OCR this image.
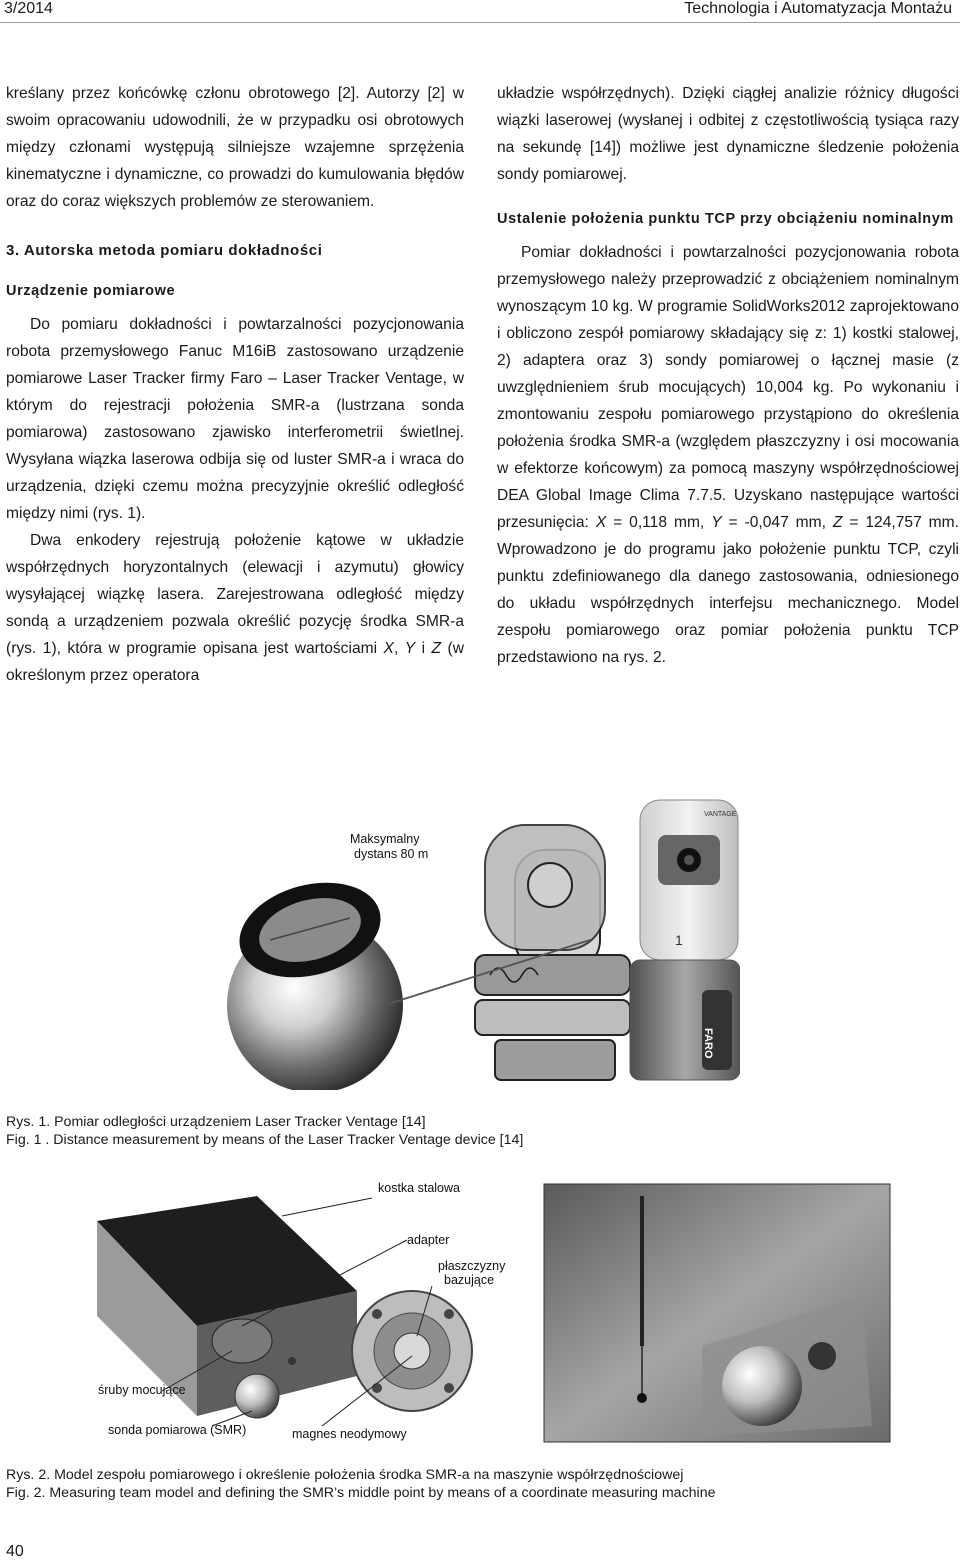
3/2014	Technologia i Automatyzacja Montażu

kreślany przez końcówkę członu obrotowego [2]. Autorzy [2] w swoim opracowaniu udowodnili, że w przypadku osi obrotowych między członami występują silniejsze wzajemne sprzężenia kinematyczne i dynamiczne, co prowadzi do kumulowania błędów oraz do coraz większych problemów ze sterowaniem.

3. Autorska metoda pomiaru dokładności
Urządzenie pomiarowe

Do pomiaru dokładności i powtarzalności pozycjonowania robota przemysłowego Fanuc M16iB zastosowano urządzenie pomiarowe Laser Tracker firmy Faro – Laser Tracker Ventage, w którym do rejestracji położenia SMR-a (lustrzana sonda pomiarowa) zastosowano zjawisko interferometrii świetlnej. Wysyłana wiązka laserowa odbija się od luster SMR-a i wraca do urządzenia, dzięki czemu można precyzyjnie określić odległość między nimi (rys. 1).

Dwa enkodery rejestrują położenie kątowe w układzie współrzędnych horyzontalnych (elewacji i azymutu) głowicy wysyłającej wiązkę lasera. Zarejestrowana odległość między sondą a urządzeniem pozwala określić pozycję środka SMR-a (rys. 1), która w programie opisana jest wartościami X, Y i Z (w określonym przez operatora

układzie współrzędnych). Dzięki ciągłej analizie różnicy długości wiązki laserowej (wysłanej i odbitej z częstotliwością tysiąca razy na sekundę [14]) możliwe jest dynamiczne śledzenie położenia sondy pomiarowej.

Ustalenie położenia punktu TCP przy obciążeniu nominalnym

Pomiar dokładności i powtarzalności pozycjonowania robota przemysłowego należy przeprowadzić z obciążeniem nominalnym wynoszącym 10 kg. W programie SolidWorks2012 zaprojektowano i obliczono zespół pomiarowy składający się z: 1) kostki stalowej, 2) adaptera oraz 3) sondy pomiarowej o łącznej masie (z uwzględnieniem śrub mocujących) 10,004 kg. Po wykonaniu i zmontowaniu zespołu pomiarowego przystąpiono do określenia położenia środka SMR-a (względem płaszczyzny i osi mocowania w efektorze końcowym) za pomocą maszyny współrzędnościowej DEA Global Image Clima 7.7.5. Uzyskano następujące wartości przesunięcia: X = 0,118 mm, Y = -0,047 mm, Z = 124,757 mm. Wprowadzono je do programu jako położenie punktu TCP, czyli punktu zdefiniowanego dla danego zastosowania, odniesionego do układu współrzędnych interfejsu mechanicznego. Model zespołu pomiarowego oraz pomiar położenia punktu TCP przedstawiono na rys. 2.

Maksymalny
dystans 80 m
VANTAGE
FARO
1
Rys. 1. Pomiar odległości urządzeniem Laser Tracker Ventage [14]
Fig. 1 . Distance measurement by means of the Laser Tracker Ventage device [14]
kostka stalowa
adapter
płaszczyzny
bazujące
śruby mocujące
sonda pomiarowa (SMR)	magnes neodymowy
Rys. 2. Model zespołu pomiarowego i określenie położenia środka SMR-a na maszynie współrzędnościowej
Fig. 2. Measuring team model and defining the SMR’s middle point by means of a coordinate measuring machine
40
